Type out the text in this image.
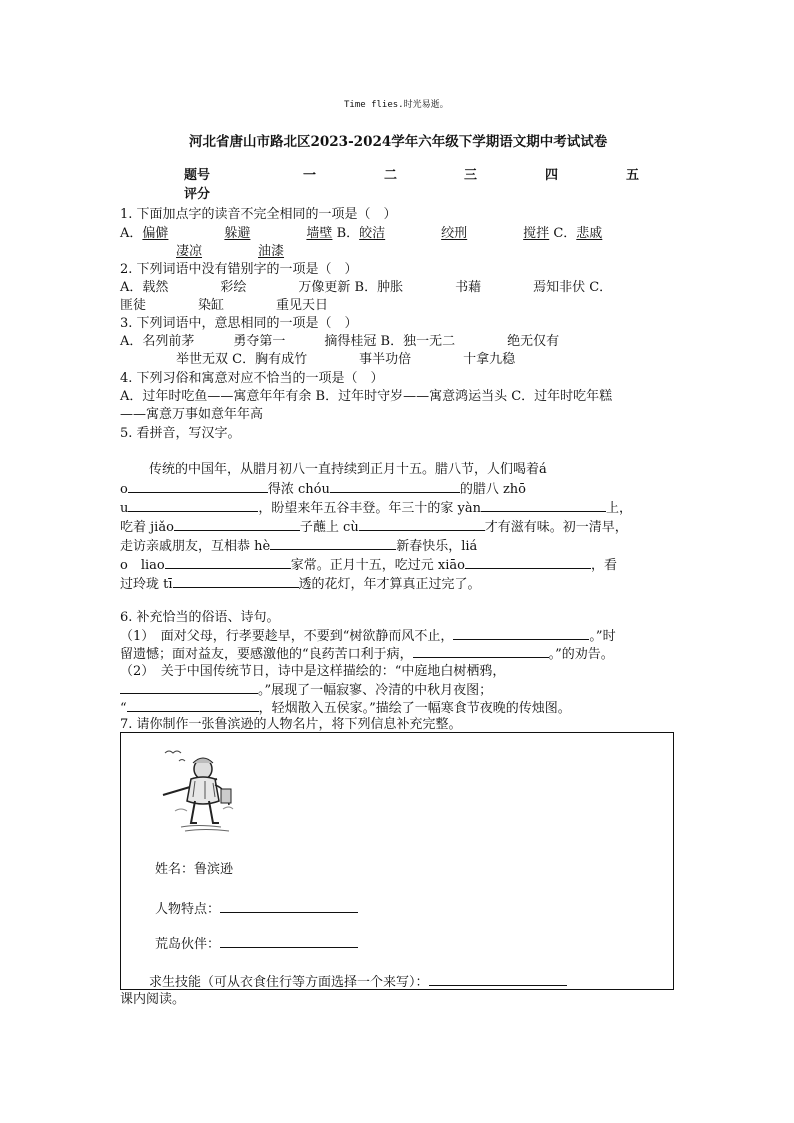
Time flies.时光易逝。
河北省唐山市路北区2023-2024学年六年级下学期语文期中考试试卷
题号	一	二	三	四	五
评分
1. 下面加点字的读音不完全相同的一项是（　）
A．偏僻	躲避	墙壁 B．皎洁	绞刑	搅拌 C．悲戚
凄凉	油漆
2. 下列词语中没有错别字的一项是（　）
A．载然　　　　彩绘　　　　万像更新 B．肿胀　　　　书藉　　　　焉知非伏 C．
匪徒　　　　染缸　　　　重见天日
3. 下列词语中，意思相同的一项是（　）
A．名列前茅　　　勇夺第一　　　摘得桂冠 B．独一无二　　　　绝无仅有
举世无双 C．胸有成竹　　　　事半功倍　　　　十拿九稳
4. 下列习俗和寓意对应不恰当的一项是（　）
A．过年时吃鱼——寓意年年有余 B．过年时守岁——寓意鸿运当头 C．过年时吃年糕
——寓意万事如意年年高
5. 看拼音，写汉字。
传统的中国年，从腊月初八一直持续到正月十五。腊八节，人们喝着á
o	得浓 chóu	的腊八 zhō
u	，盼望来年五谷丰登。年三十的家 yàn	上，
吃着 jiǎo	子蘸上 cù	才有滋有味。初一清早，
走访亲戚朋友，互相恭 hè	新春快乐，liá
o　liao	家常。正月十五，吃过元 xiāo	，看
过玲珑 tī	透的花灯，年才算真正过完了。
6. 补充恰当的俗语、诗句。
（1）　面对父母，行孝要趁早，不要到“树欲静而风不止，	。”时
留遗憾；面对益友，要感激他的“良药苦口利于病，	。”的劝告。
（2）　关于中国传统节日，诗中是这样描绘的：“中庭地白树栖鸦，
。”展现了一幅寂寥、冷清的中秋月夜图；
“	，轻烟散入五侯家。”描绘了一幅寒食节夜晚的传烛图。
7. 请你制作一张鲁滨逊的人物名片，将下列信息补充完整。
姓名：鲁滨逊
人物特点：
荒岛伙伴：
求生技能（可从衣食住行等方面选择一个来写）：
课内阅读。
